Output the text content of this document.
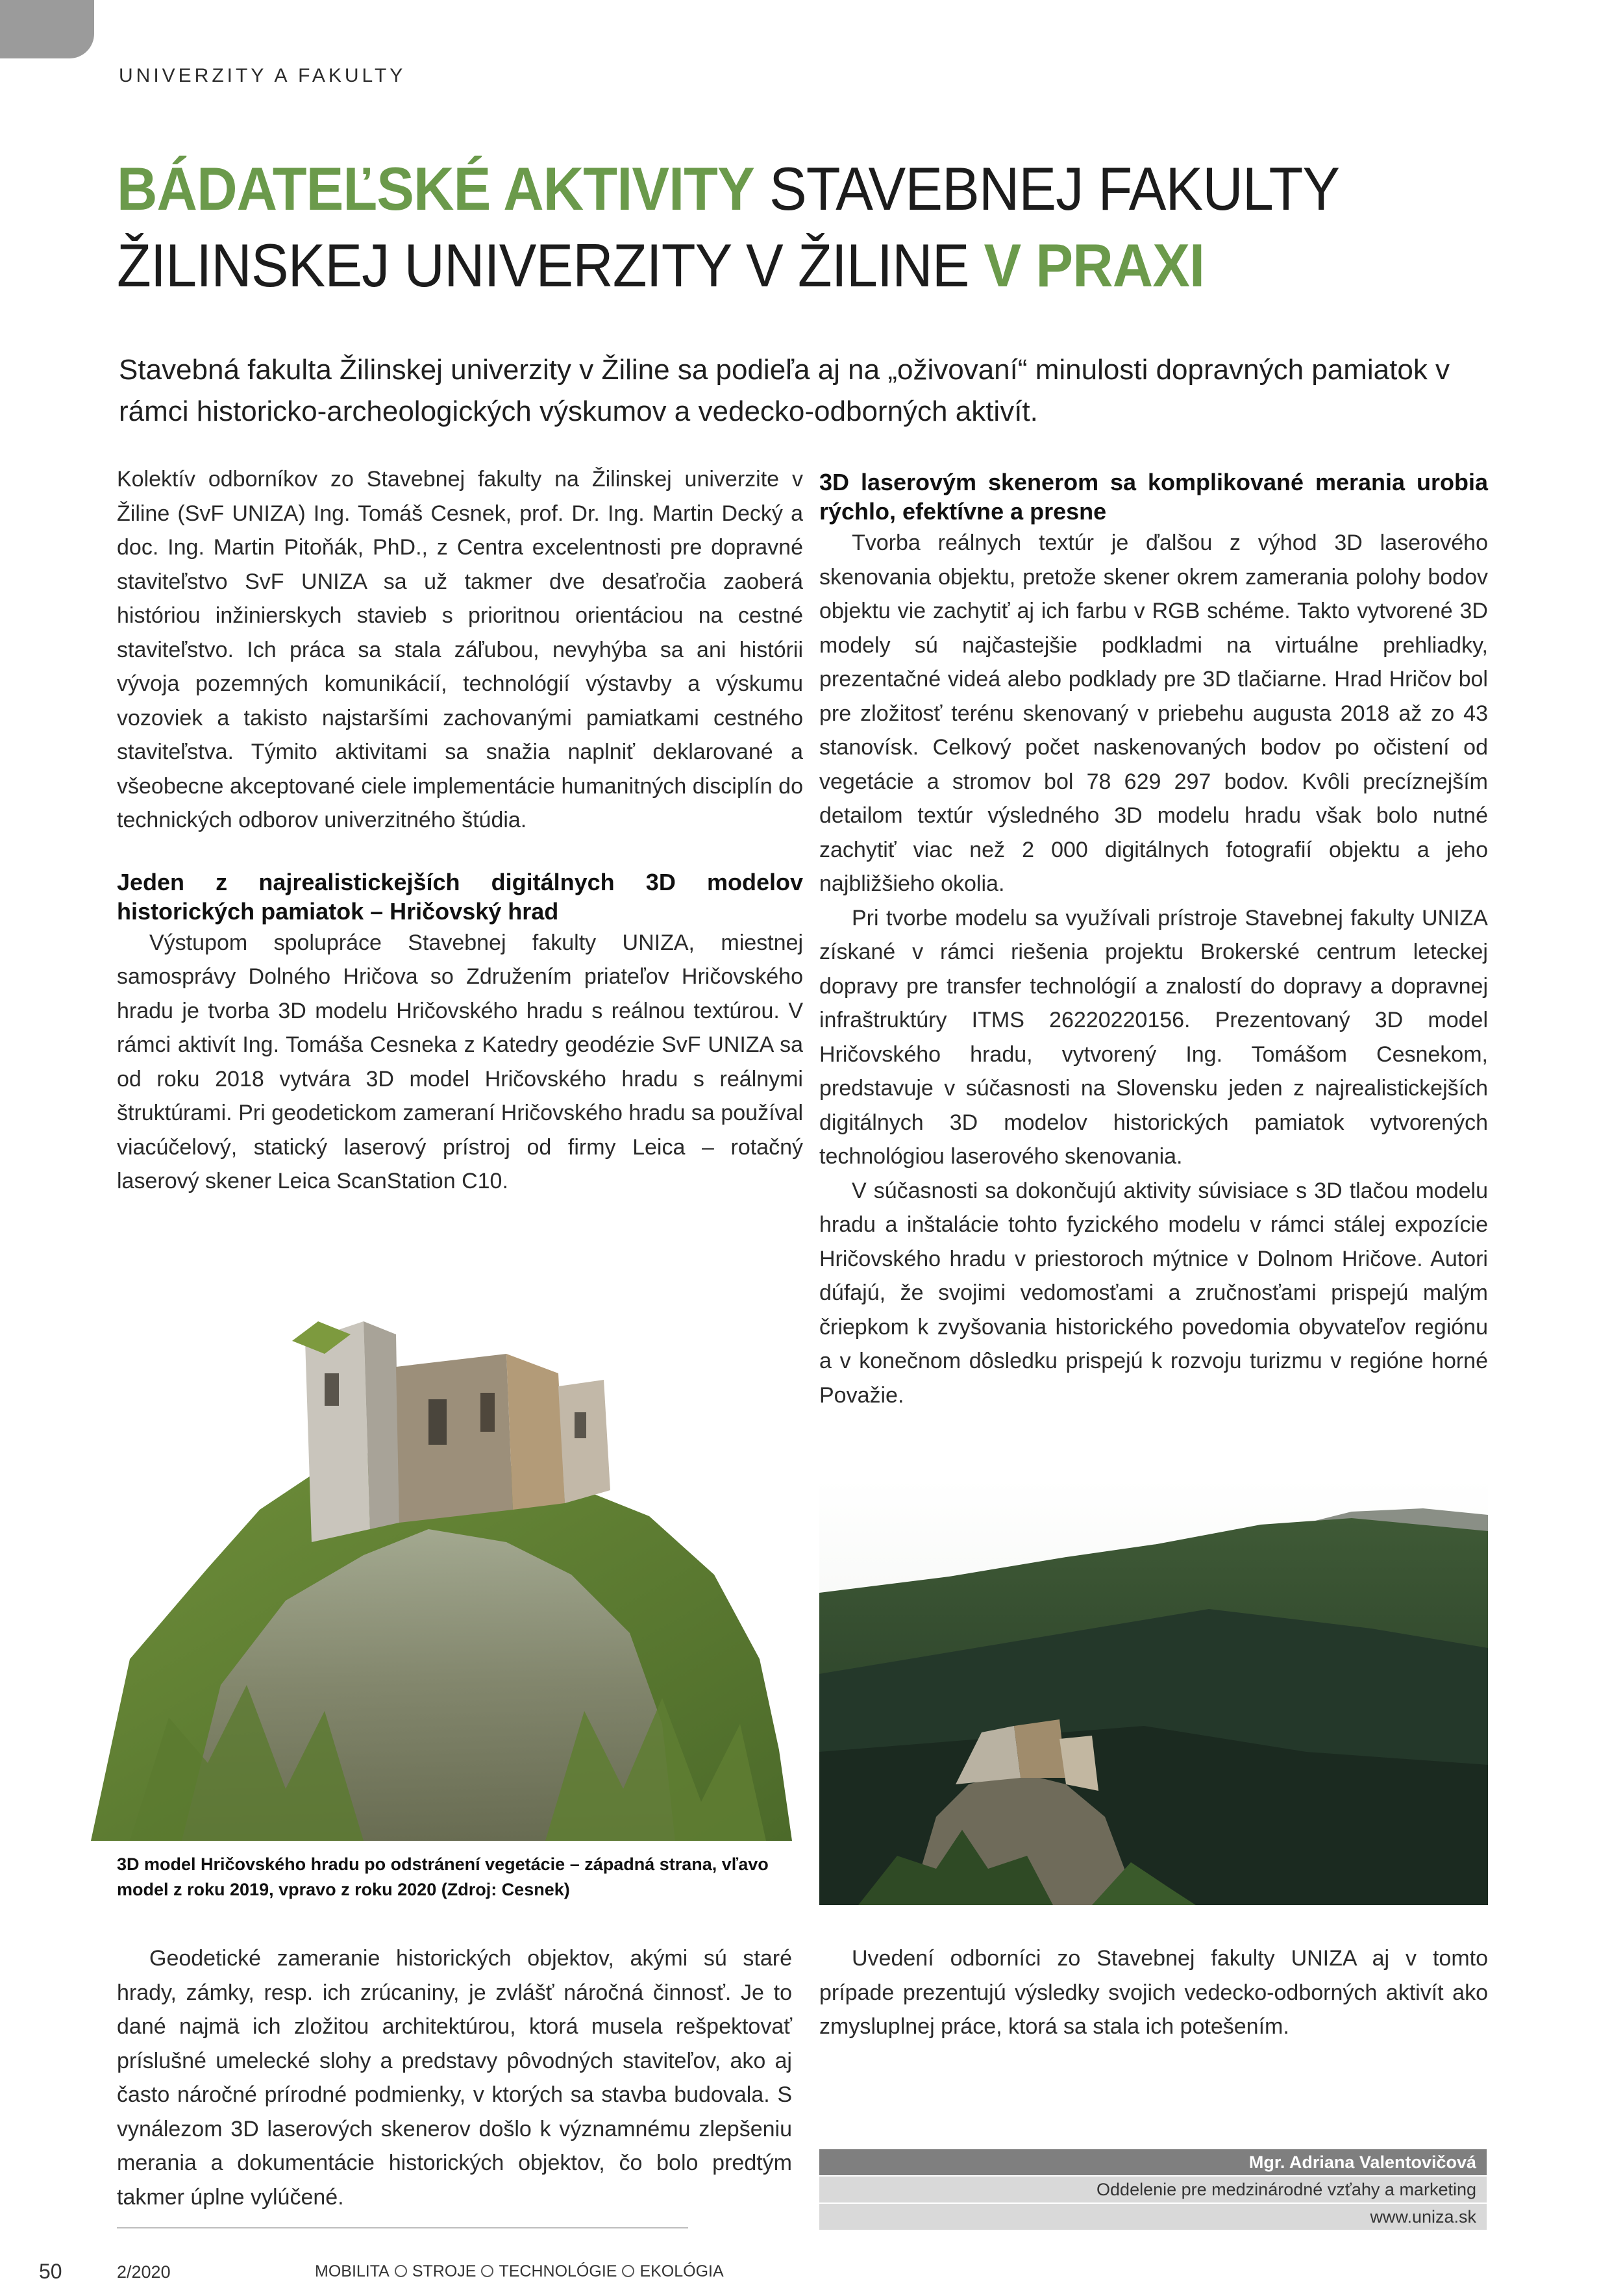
UNIVERZITY A FAKULTY
BÁDATEĽSKÉ AKTIVITY STAVEBNEJ FAKULTY
ŽILINSKEJ UNIVERZITY V ŽILINE V PRAXI
Stavebná fakulta Žilinskej univerzity v Žiline sa podieľa aj na „oživovaní“ minulosti dopravných pamiatok v rámci historicko-archeologických výskumov a vedecko-odborných aktivít.

Kolektív odborníkov zo Stavebnej fakulty na Žilinskej univerzite v Žiline (SvF UNIZA) Ing. Tomáš Cesnek, prof. Dr. Ing. Martin Decký a doc. Ing. Martin Pitoňák, PhD., z Centra excelentnosti pre dopravné staviteľstvo SvF UNIZA sa už takmer dve desaťročia zaoberá históriou inžinierskych stavieb s prioritnou orientáciou na cestné staviteľstvo. Ich práca sa stala záľubou, nevyhýba sa ani histórii vývoja pozemných komunikácií, technológií výstavby a výskumu vozoviek a takisto najstaršími zachovanými pamiatkami cestného staviteľstva. Týmito aktivitami sa snažia naplniť deklarované a všeobecne akceptované ciele implementácie humanitných disciplín do technických odborov univerzitného štúdia.

Jeden z najrealistickejších digitálnych 3D modelov historických pamiatok – Hričovský hrad

Výstupom spolupráce Stavebnej fakulty UNIZA, miestnej samosprávy Dolného Hričova so Združením priateľov Hričovského hradu je tvorba 3D modelu Hričovského hradu s reálnou textúrou. V rámci aktivít Ing. Tomáša Cesneka z Katedry geodézie SvF UNIZA sa od roku 2018 vytvára 3D model Hričovského hradu s reálnymi štruktúrami. Pri geodetickom zameraní Hričovského hradu sa používal viacúčelový, statický laserový prístroj od firmy Leica – rotačný laserový skener Leica ScanStation C10.

3D laserovým skenerom sa komplikované merania urobia rýchlo, efektívne a presne

Tvorba reálnych textúr je ďalšou z výhod 3D laserového skenovania objektu, pretože skener okrem zamerania polohy bodov objektu vie zachytiť aj ich farbu v RGB schéme. Takto vytvorené 3D modely sú najčastejšie podkladmi na virtuálne prehliadky, prezentačné videá alebo podklady pre 3D tlačiarne. Hrad Hričov bol pre zložitosť terénu skenovaný v priebehu augusta 2018 až zo 43 stanovísk. Celkový počet naskenovaných bodov po očistení od vegetácie a stromov bol 78 629 297 bodov. Kvôli precíznejším detailom textúr výsledného 3D modelu hradu však bolo nutné zachytiť viac než 2 000 digitálnych fotografií objektu a jeho najbližšieho okolia.

Pri tvorbe modelu sa využívali prístroje Stavebnej fakulty UNIZA získané v rámci riešenia projektu Brokerské centrum leteckej dopravy pre transfer technológií a znalostí do dopravy a dopravnej infraštruktúry ITMS 26220220156. Prezentovaný 3D model Hričovského hradu, vytvorený Ing. Tomášom Cesnekom, predstavuje v súčasnosti na Slovensku jeden z najrealistickejších digitálnych 3D modelov historických pamiatok vytvorených technológiou laserového skenovania.

V súčasnosti sa dokončujú aktivity súvisiace s 3D tlačou modelu hradu a inštalácie tohto fyzického modelu v rámci stálej expozície Hričovského hradu v priestoroch mýtnice v Dolnom Hričove. Autori dúfajú, že svojimi vedomosťami a zručnosťami prispejú malým čriepkom k zvyšovania historického povedomia obyvateľov regiónu a v konečnom dôsledku prispejú k rozvoju turizmu v regióne horné Považie.

3D model Hričovského hradu po odstránení vegetácie – západná strana, vľavo model z roku 2019, vpravo z roku 2020 (Zdroj: Cesnek)

Geodetické zameranie historických objektov, akými sú staré hrady, zámky, resp. ich zrúcaniny, je zvlášť náročná činnosť. Je to dané najmä ich zložitou architektúrou, ktorá musela rešpektovať príslušné umelecké slohy a predstavy pôvodných staviteľov, ako aj často náročné prírodné podmienky, v ktorých sa stavba budovala. S vynálezom 3D laserových skenerov došlo k významnému zlepšeniu merania a dokumentácie historických objektov, čo bolo predtým takmer úplne vylúčené.

Uvedení odborníci zo Stavebnej fakulty UNIZA aj v tomto prípade prezentujú výsledky svojich vedecko-odborných aktivít ako zmysluplnej práce, ktorá sa stala ich potešením.

Mgr. Adriana Valentovičová
Oddelenie pre medzinárodné vzťahy a marketing
www.uniza.sk
50	2/2020	MOBILITA STROJE TECHNOLÓGIE EKOLÓGIA
